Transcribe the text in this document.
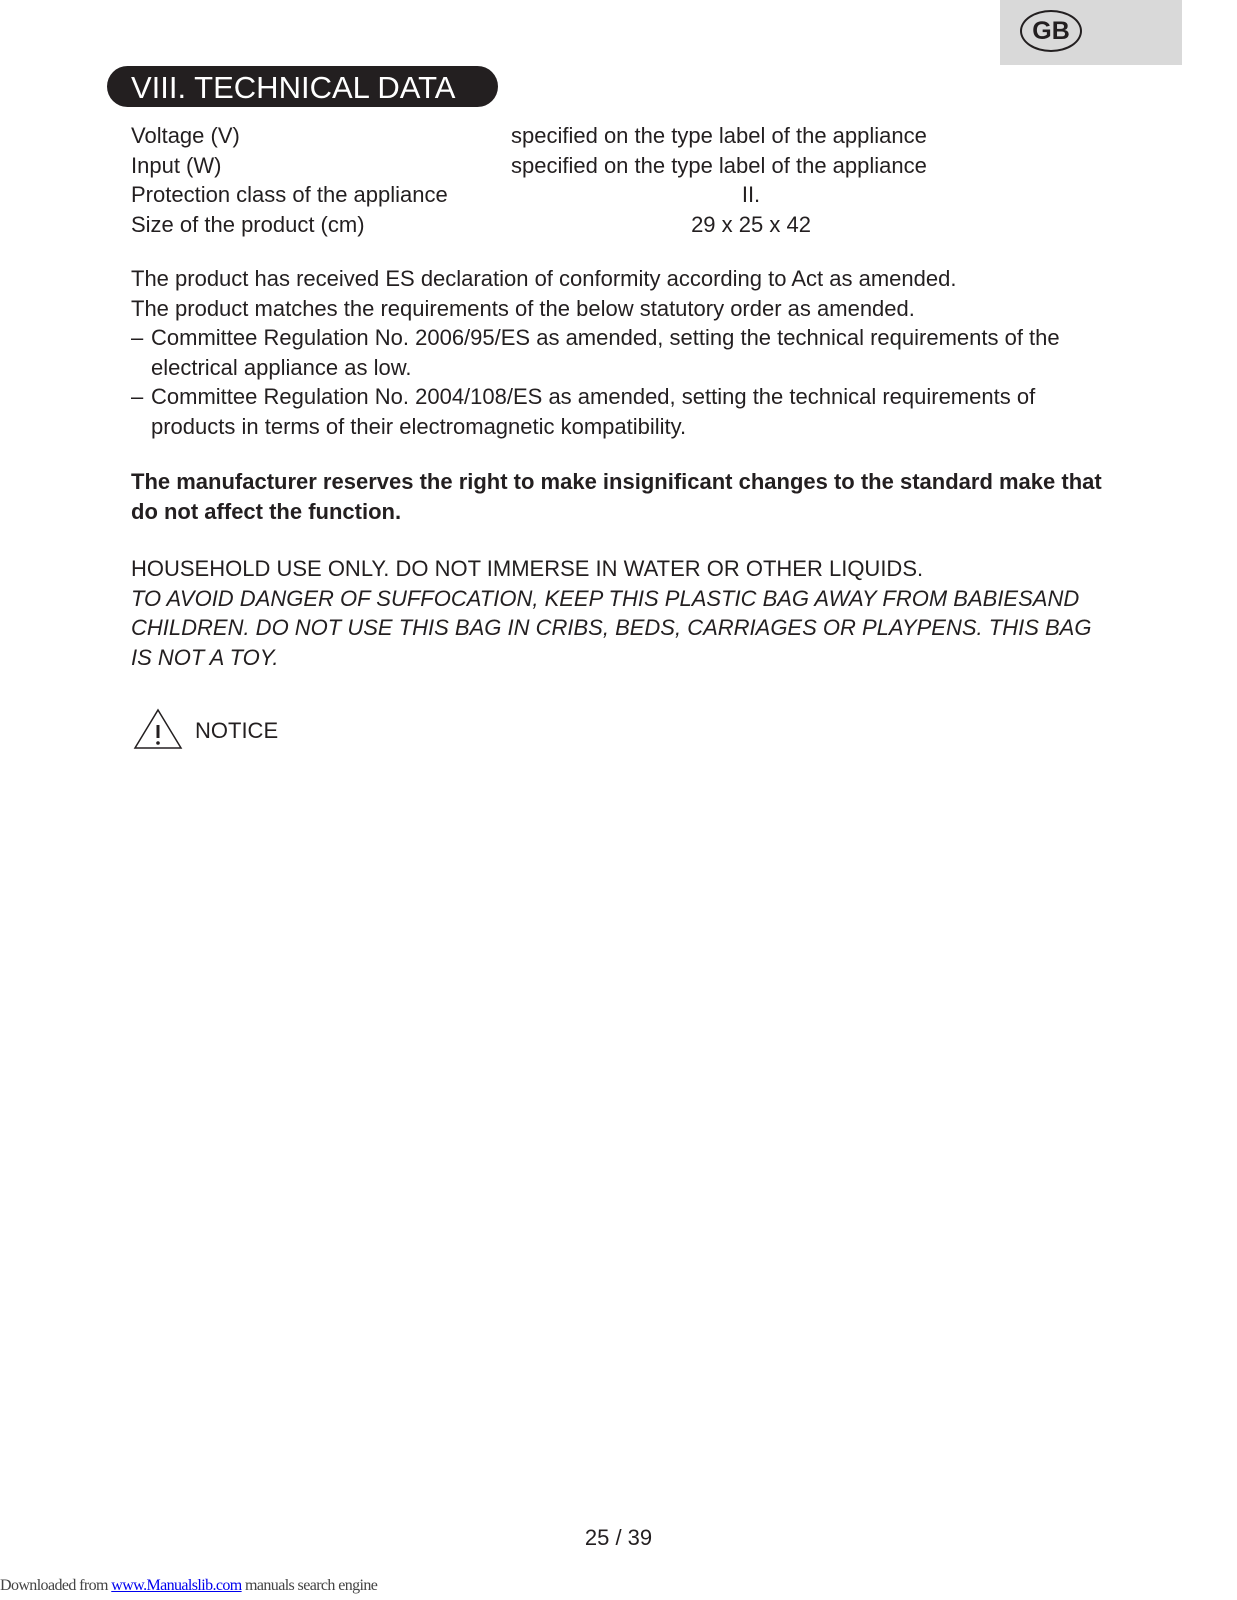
GB
VIII. TECHNICAL DATA
Voltage (V)	specified on the type label of the appliance
Input (W)	specified on the type label of the appliance
Protection class of the appliance	II.
Size of the product (cm)	29 x 25 x 42

The product has received ES declaration of conformity according to Act as amended.

The product matches the requirements of the below statutory order as amended.

– Committee Regulation No. 2006/95/ES as amended, setting the technical requirements of the electrical appliance as low.

– Committee Regulation No. 2004/108/ES as amended, setting the technical requirements of products in terms of their electromagnetic kompatibility.

The manufacturer reserves the right to make insignificant changes to the standard make that do not affect the function.

HOUSEHOLD USE ONLY. DO NOT IMMERSE IN WATER OR OTHER LIQUIDS.

TO AVOID DANGER OF SUFFOCATION, KEEP THIS PLASTIC BAG AWAY FROM BABIESAND CHILDREN. DO NOT USE THIS BAG IN CRIBS, BEDS, CARRIAGES OR PLAYPENS. THIS BAG IS NOT A TOY.

NOTICE
25 / 39
Downloaded from www.Manualslib.com manuals search engine
